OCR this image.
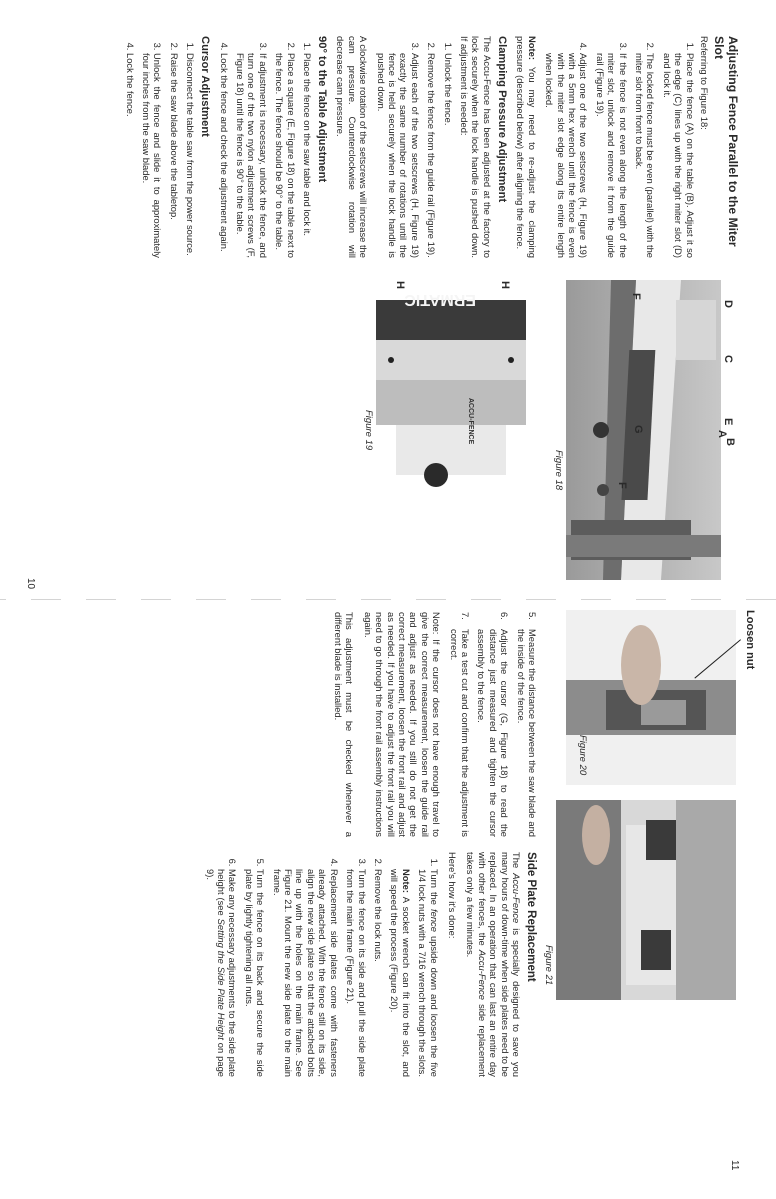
Adjusting Fence Parallel to the Miter Slot

Referring to Figure 18:

1. Place the fence (A) on the table (B). Adjust it so the edge (C) lines up with the right miter slot (D) and lock it.
2. The locked fence must be even (parallel) with the miter slot from front to back.
3. If the fence is not even along the length of the miter slot, unlock and remove it from the guide rail (Figure 19).
4. Adjust one of the two setscrews (H, Figure 19) with a 5mm hex wrench until the fence is even with the miter slot edge along its entire length when locked.

Note: You may need to re-adjust the clamping pressure (described below) after aligning the fence.

Clamping Pressure Adjustment

The Accu-Fence has been adjusted at the factory to lock securely when the lock handle is pushed down. If adjustment is needed:

1. Unlock the fence.
2. Remove the fence from the guide rail (Figure 19).
3. Adjust each of the two setscrews (H, Figure 19) exactly the same number of rotations until the fence is held securely when the lock handle is pushed down.

A clockwise rotation of the setscrews will increase the cam pressure. Counterclockwise rotation will decrease cam pressure.

90° to the Table Adjustment
1. Place the fence on the saw table and lock it.
2. Place a square (E, Figure 18) on the table next to the fence. The fence should be 90° to the table.
3. If adjustment is necessary, unlock the fence, and turn one of the two nylon adjustment screws (F, Figure 18) until the fence is 90° to the table.
4. Lock the fence and check the adjustment again.
Cursor Adjustment
1. Disconnect the table saw from the power source.
2. Raise the saw blade above the tabletop.
3. Unlock the fence and slide it to approximately four inches from the saw blade.
4. Lock the fence.
D
C
E
A
B
F
G
F
Figure 18
ERMATIC
ACCU-FENCE
H
H
Figure 19
10
Loosen nut
Figure 20
Figure 21
11
5.
Measure the distance between the saw blade and the inside of the fence.
6.
Adjust the cursor (G, Figure 18) to read the distance just measured and tighten the cursor assembly to the fence.
7.
Take a test cut and confirm that the adjustment is correct.

Note: If the cursor does not have enough travel to give the correct measurement, loosen the guide rail and adjust as needed. If you still do not get the correct measurement, loosen the front rail and adjust as needed. If you have to adjust the front rail you will need to go through the front rail assembly instructions again.

This adjustment must be checked whenever a different blade is installed.

Side Plate Replacement

The Accu-Fence is specially designed to save you many hours of down-time when side plates need to be replaced. In an operation that can last an entire day with other fences, the Accu-Fence side replacement takes only a few minutes.

Here's how it's done:

1. Turn the fence upside down and loosen the five 1/4 lock nuts with a 7/16 wrench through the slots.
Note: A socket wrench can fit into the slot, and will speed the process (Figure 20).
2. Remove the lock nuts.
3. Turn the fence on its side and pull the side plate from the main frame (Figure 21).
4. Replacement side plates come with fasteners already attached. With the fence still on its side, align the new side plate so that the attached bolts line up with the holes on the main frame. See Figure 21. Mount the new side plate to the main frame.
5. Turn the fence on its back and secure the side plate by lightly tightening all nuts.
6. Make any necessary adjustments to the side plate height (see Setting the Side Plate Height on page 9).
